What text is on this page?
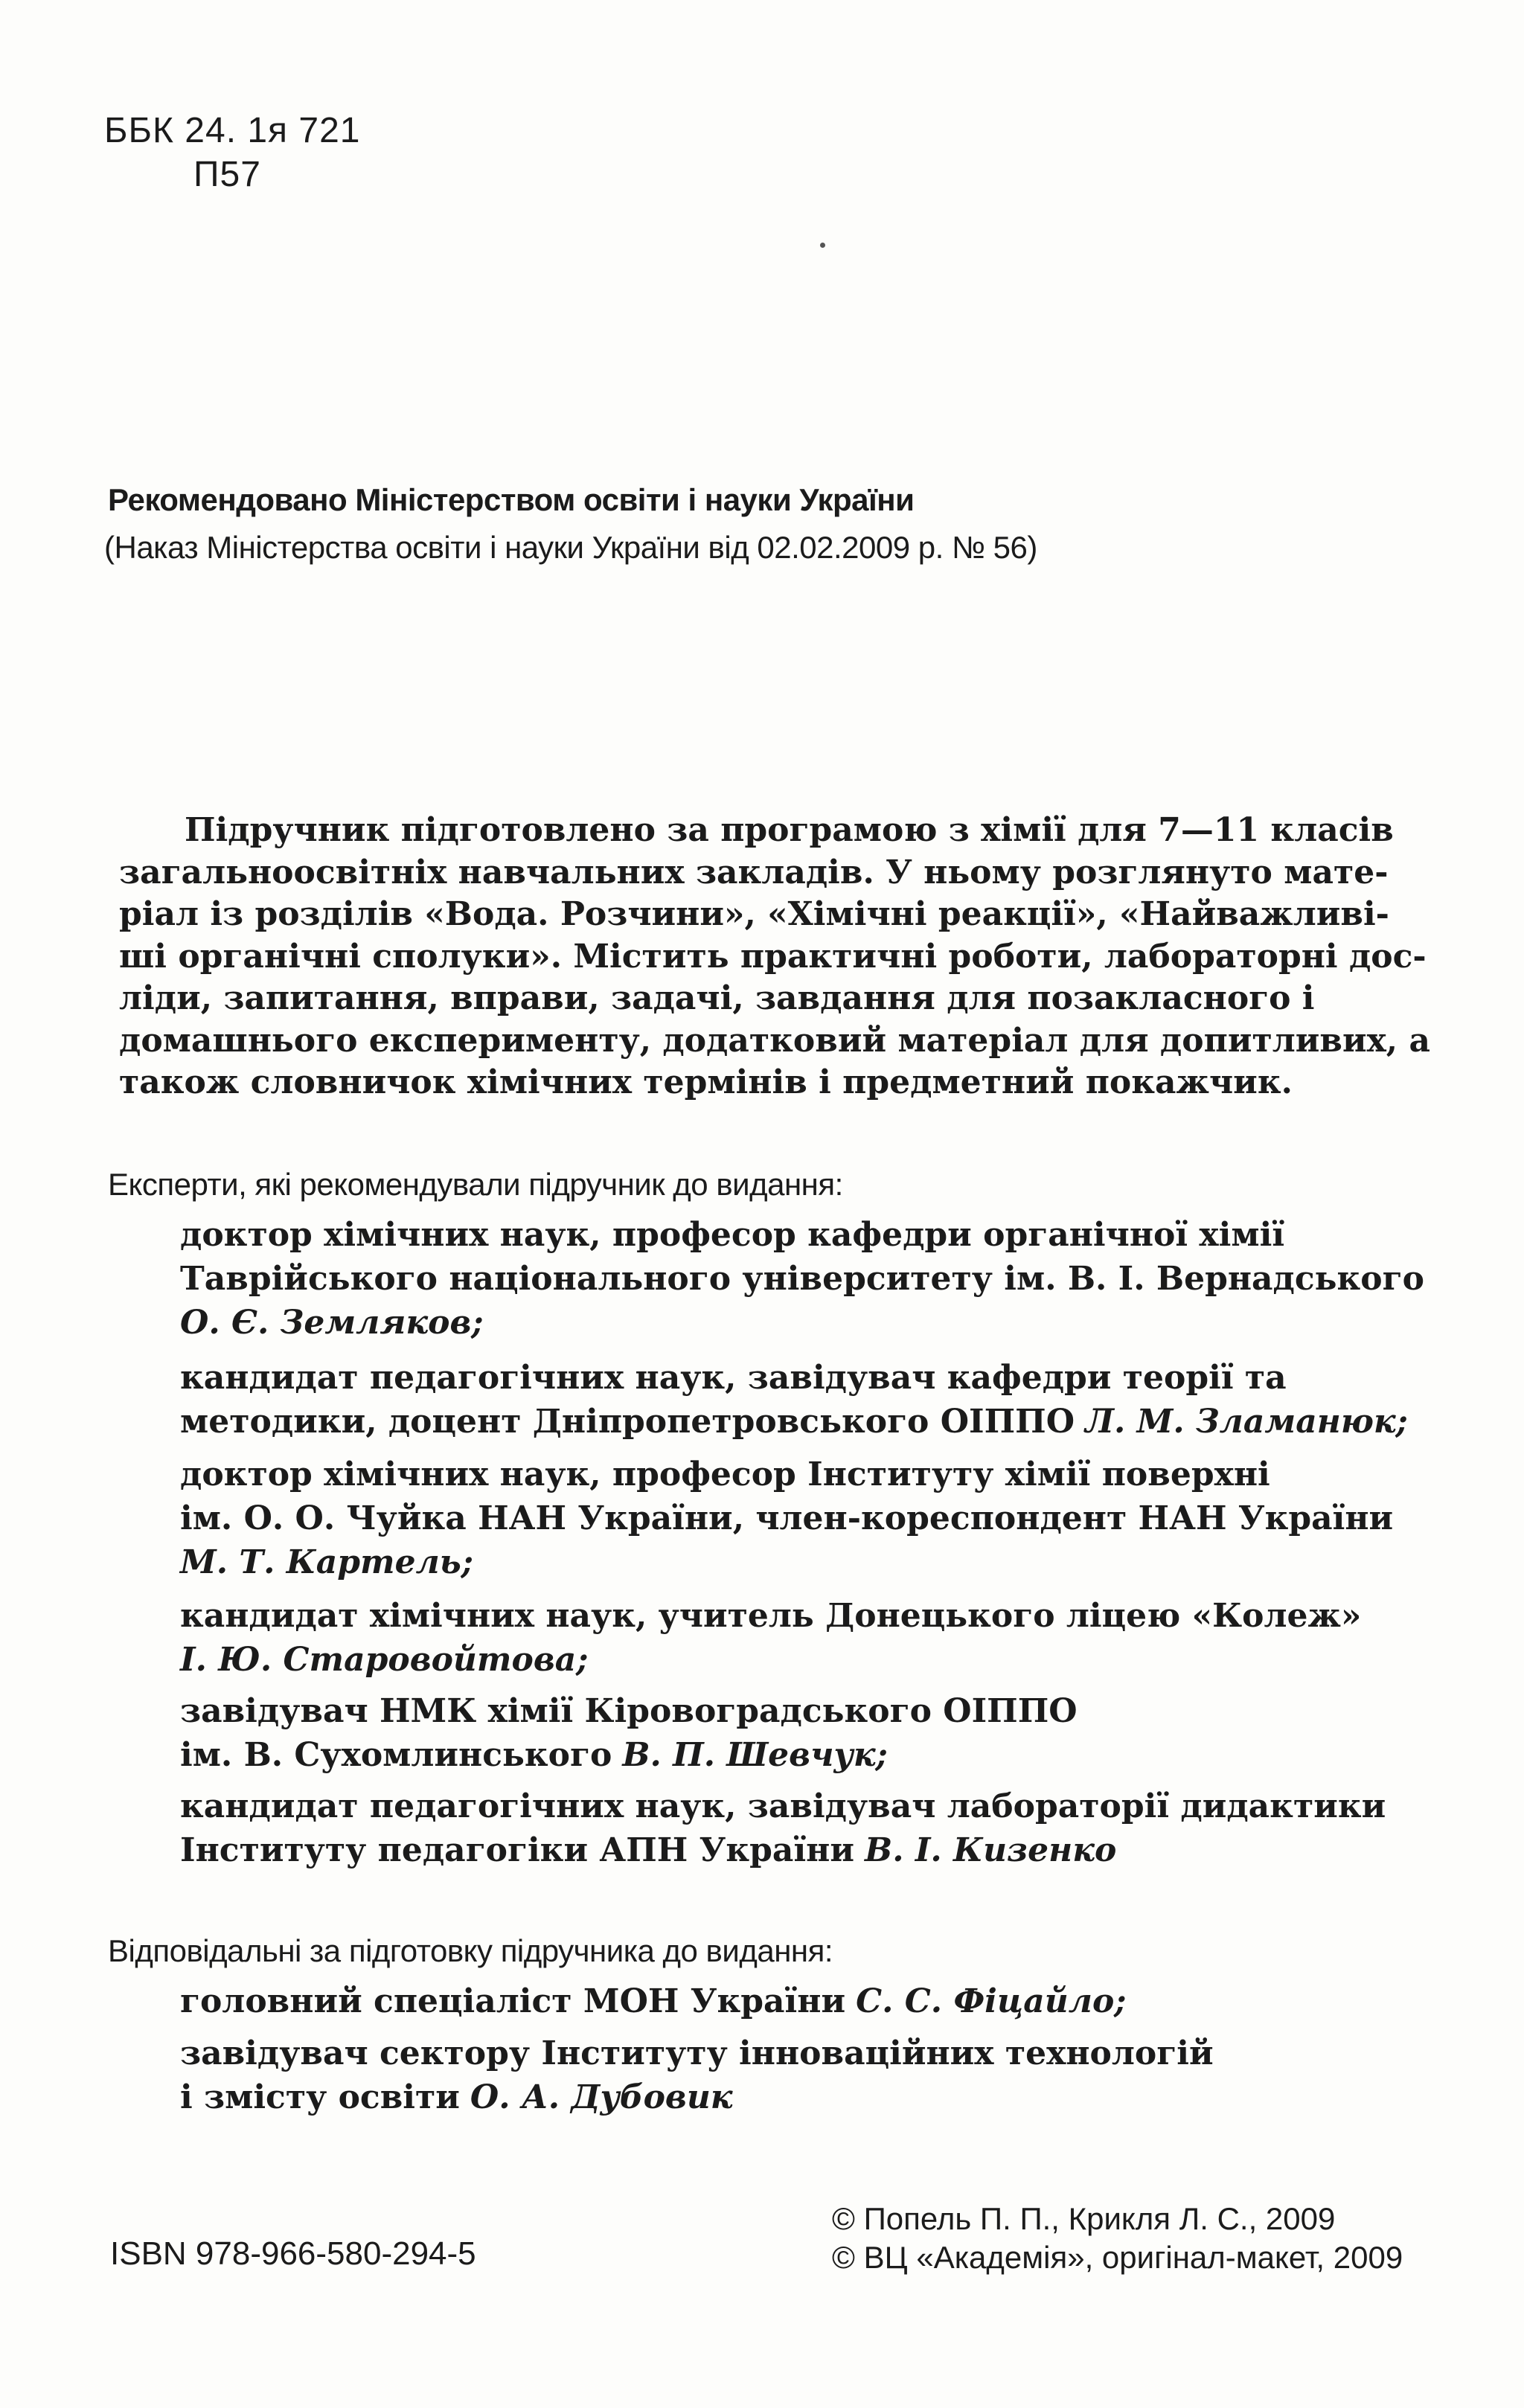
ББК 24. 1я 721
П57
Рекомендовано Міністерством освіти і науки України
(Наказ Міністерства освіти і науки України від 02.02.2009 р. № 56)
Підручник підготовлено за програмою з хімії для 7—11 класів
загальноосвітніх навчальних закладів. У ньому розглянуто мате-
ріал із розділів «Вода. Розчини», «Хімічні реакції», «Найважливі-
ші органічні сполуки». Містить практичні роботи, лабораторні дос-
ліди, запитання, вправи, задачі, завдання для позакласного і
домашнього експерименту, додатковий матеріал для допитливих, а
також словничок хімічних термінів і предметний покажчик.
Експерти, які рекомендували підручник до видання:
доктор хімічних наук, професор кафедри органічної хімії
Таврійського національного університету ім. В. І. Вернадського
О. Є. Земляков;
кандидат педагогічних наук, завідувач кафедри теорії та
методики, доцент Дніпропетровського ОІППО Л. М. Зламанюк;
доктор хімічних наук, професор Інституту хімії поверхні
ім. О. О. Чуйка НАН України, член-кореспондент НАН України
М. Т. Картель;
кандидат хімічних наук, учитель Донецького ліцею «Колеж»
І. Ю. Старовойтова;
завідувач НМК хімії Кіровоградського ОІППО
ім. В. Сухомлинського В. П. Шевчук;
кандидат педагогічних наук, завідувач лабораторії дидактики
Інституту педагогіки АПН України В. І. Кизенко
Відповідальні за підготовку підручника до видання:
головний спеціаліст МОН України С. С. Фіцайло;
завідувач сектору Інституту інноваційних технологій
і змісту освіти О. А. Дубовик
ISBN 978-966-580-294-5
© Попель П. П., Крикля Л. С., 2009
© ВЦ «Академія», оригінал-макет, 2009
